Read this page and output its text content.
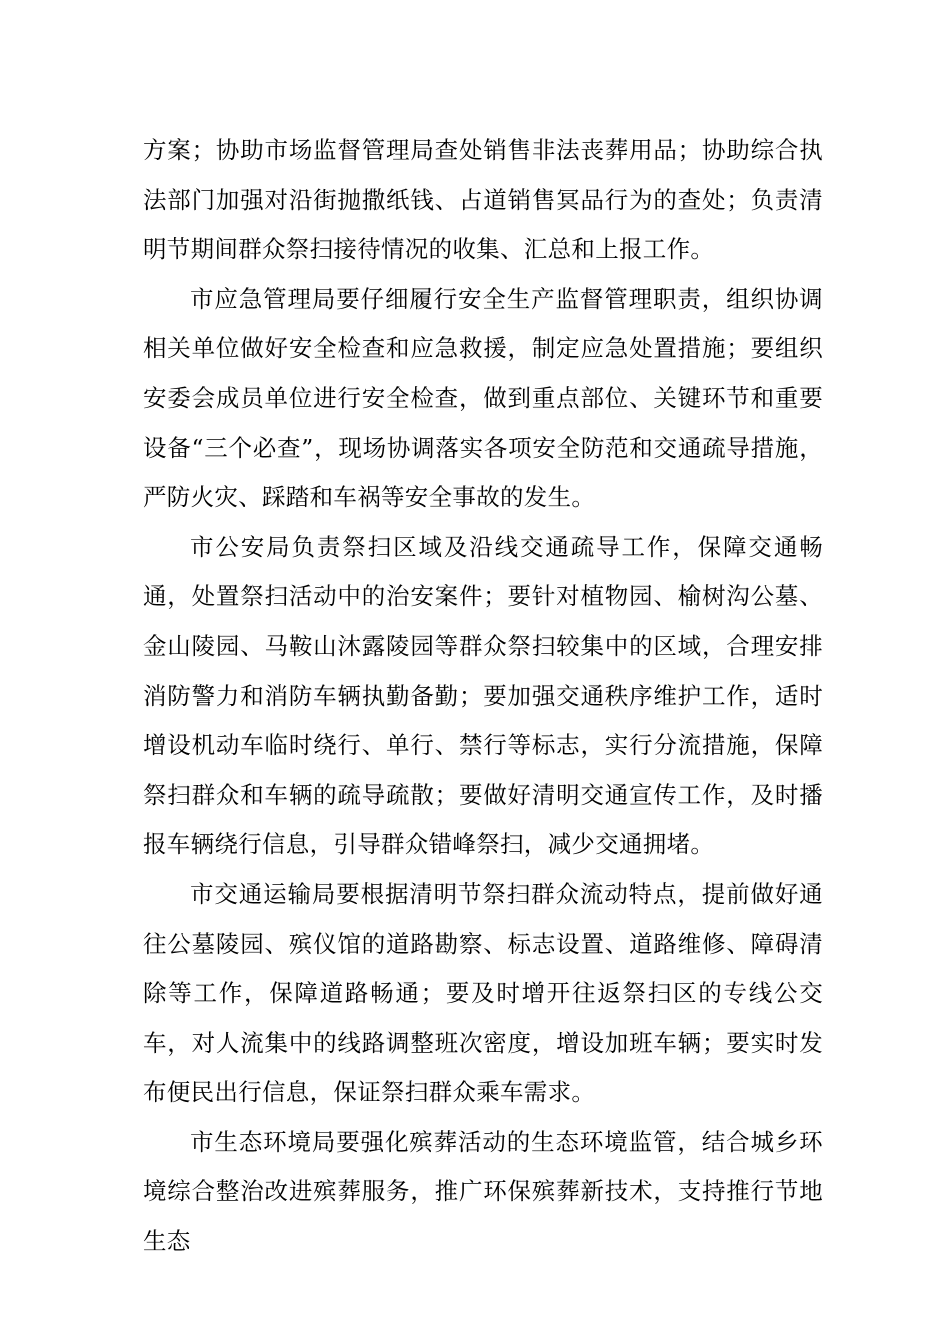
方案；协助市场监督管理局查处销售非法丧葬用品；协助综合执法部门加强对沿街抛撒纸钱、占道销售冥品行为的查处；负责清明节期间群众祭扫接待情况的收集、汇总和上报工作。

市应急管理局要仔细履行安全生产监督管理职责，组织协调相关单位做好安全检查和应急救援，制定应急处置措施；要组织安委会成员单位进行安全检查，做到重点部位、关键环节和重要设备“三个必查”，现场协调落实各项安全防范和交通疏导措施，严防火灾、踩踏和车祸等安全事故的发生。

市公安局负责祭扫区域及沿线交通疏导工作，保障交通畅通，处置祭扫活动中的治安案件；要针对植物园、榆树沟公墓、金山陵园、马鞍山沐露陵园等群众祭扫较集中的区域，合理安排消防警力和消防车辆执勤备勤；要加强交通秩序维护工作，适时增设机动车临时绕行、单行、禁行等标志，实行分流措施，保障祭扫群众和车辆的疏导疏散；要做好清明交通宣传工作，及时播报车辆绕行信息，引导群众错峰祭扫，减少交通拥堵。

市交通运输局要根据清明节祭扫群众流动特点，提前做好通往公墓陵园、殡仪馆的道路勘察、标志设置、道路维修、障碍清除等工作，保障道路畅通；要及时增开往返祭扫区的专线公交车，对人流集中的线路调整班次密度，增设加班车辆；要实时发布便民出行信息，保证祭扫群众乘车需求。

市生态环境局要强化殡葬活动的生态环境监管，结合城乡环境综合整治改进殡葬服务，推广环保殡葬新技术，支持推行节地生态
